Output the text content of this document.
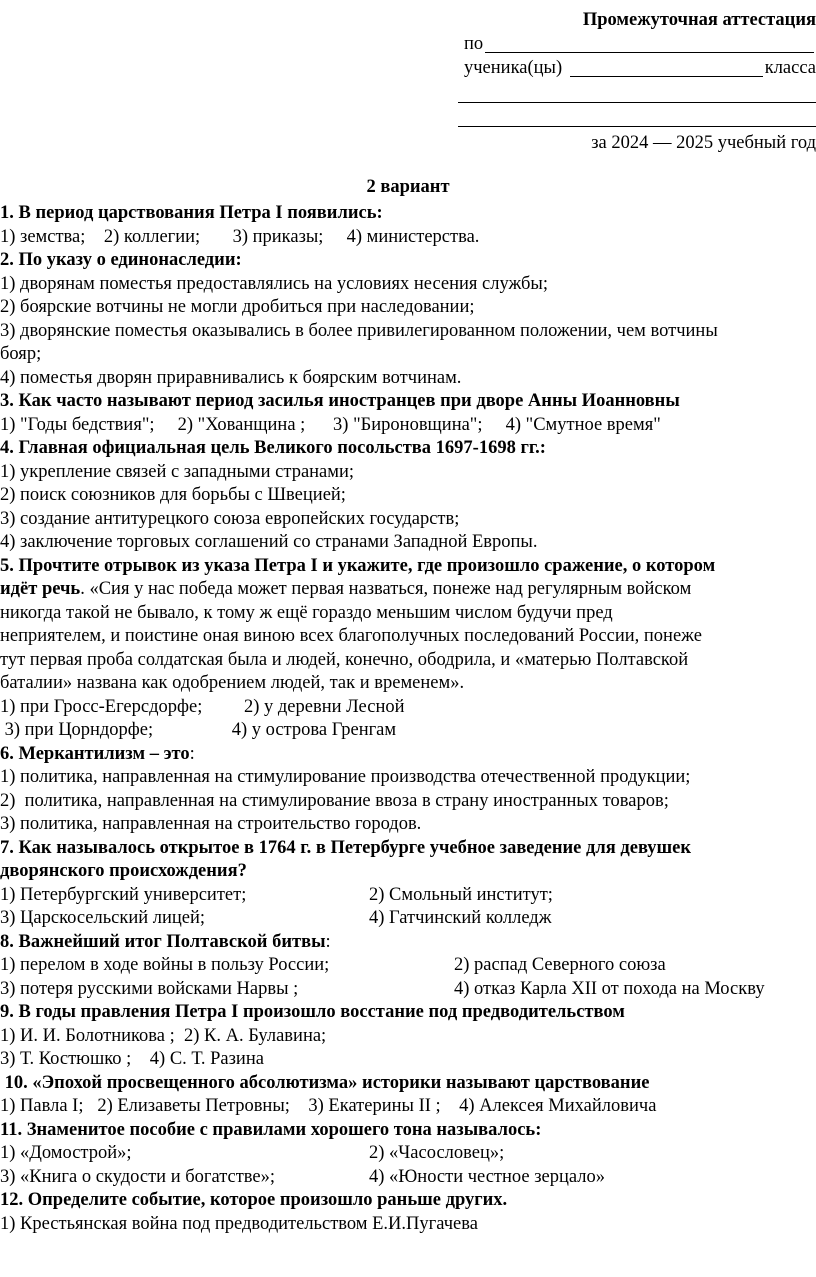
Промежуточная аттестация
по
ученика(цы)	класса
за 2024 — 2025 учебный год
2 вариант
1. В период царствования Петра I появились:
1) земства;    2) коллегии;       3) приказы;     4) министерства.
2. По указу о единонаследии:
1) дворянам поместья предоставлялись на условиях несения службы;
2) боярские вотчины не могли дробиться при наследовании;
3) дворянские поместья оказывались в более привилегированном положении, чем вотчины
бояр;
4) поместья дворян приравнивались к боярским вотчинам.
3. Как часто называют период засилья иностранцев при дворе Анны Иоанновны
1) "Годы бедствия";     2) "Хованщина ;      3) "Бироновщина";     4) "Смутное время"
4. Главная официальная цель Великого посольства 1697-1698 гг.:
1) укрепление связей с западными странами;
2) поиск союзников для борьбы с Швецией;
3) создание антитурецкого союза европейских государств;
4) заключение торговых соглашений со странами Западной Европы.
5. Прочтите отрывок из указа Петра I и укажите, где произошло сражение, о котором
идёт речь. «Сия у нас победа может первая назваться, понеже над регулярным войском
никогда такой не бывало, к тому ж ещё гораздо меньшим числом будучи пред
неприятелем, и поистине оная виною всех благополучных последований России, понеже
тут первая проба солдатская была и людей, конечно, ободрила, и «матерью Полтавской
баталии» названа как одобрением людей, так и временем».
1) при Гросс-Егерсдорфе;         2) у деревни Лесной
3) при Цорндорфе;                 4) у острова Гренгам
6. Меркантилизм – это:
1) политика, направленная на стимулирование производства отечественной продукции;
2)  политика, направленная на стимулирование ввоза в страну иностранных товаров;
3) политика, направленная на строительство городов.
7. Как называлось открытое в 1764 г. в Петербурге учебное заведение для девушек
дворянского происхождения?
1) Петербургский университет;	2) Смольный институт;
3) Царскосельский лицей;	4) Гатчинский колледж
8. Важнейший итог Полтавской битвы:
1) перелом в ходе войны в пользу России;	2) распад Северного союза
3) потеря русскими войсками Нарвы ;	4) отказ Карла XII от похода на Москву
9. В годы правления Петра I произошло восстание под предводительством
1) И. И. Болотникова ;  2) К. А. Булавина;
3) Т. Костюшко ;    4) С. Т. Разина
10. «Эпохой просвещенного абсолютизма» историки называют царствование
1) Павла I;   2) Елизаветы Петровны;    3) Екатерины II ;    4) Алексея Михайловича
11. Знаменитое пособие с правилами хорошего тона называлось:
1) «Домострой»;	2) «Часословец»;
3) «Книга о скудости и богатстве»;	4) «Юности честное зерцало»
12. Определите событие, которое произошло раньше других.
1) Крестьянская война под предводительством Е.И.Пугачева
